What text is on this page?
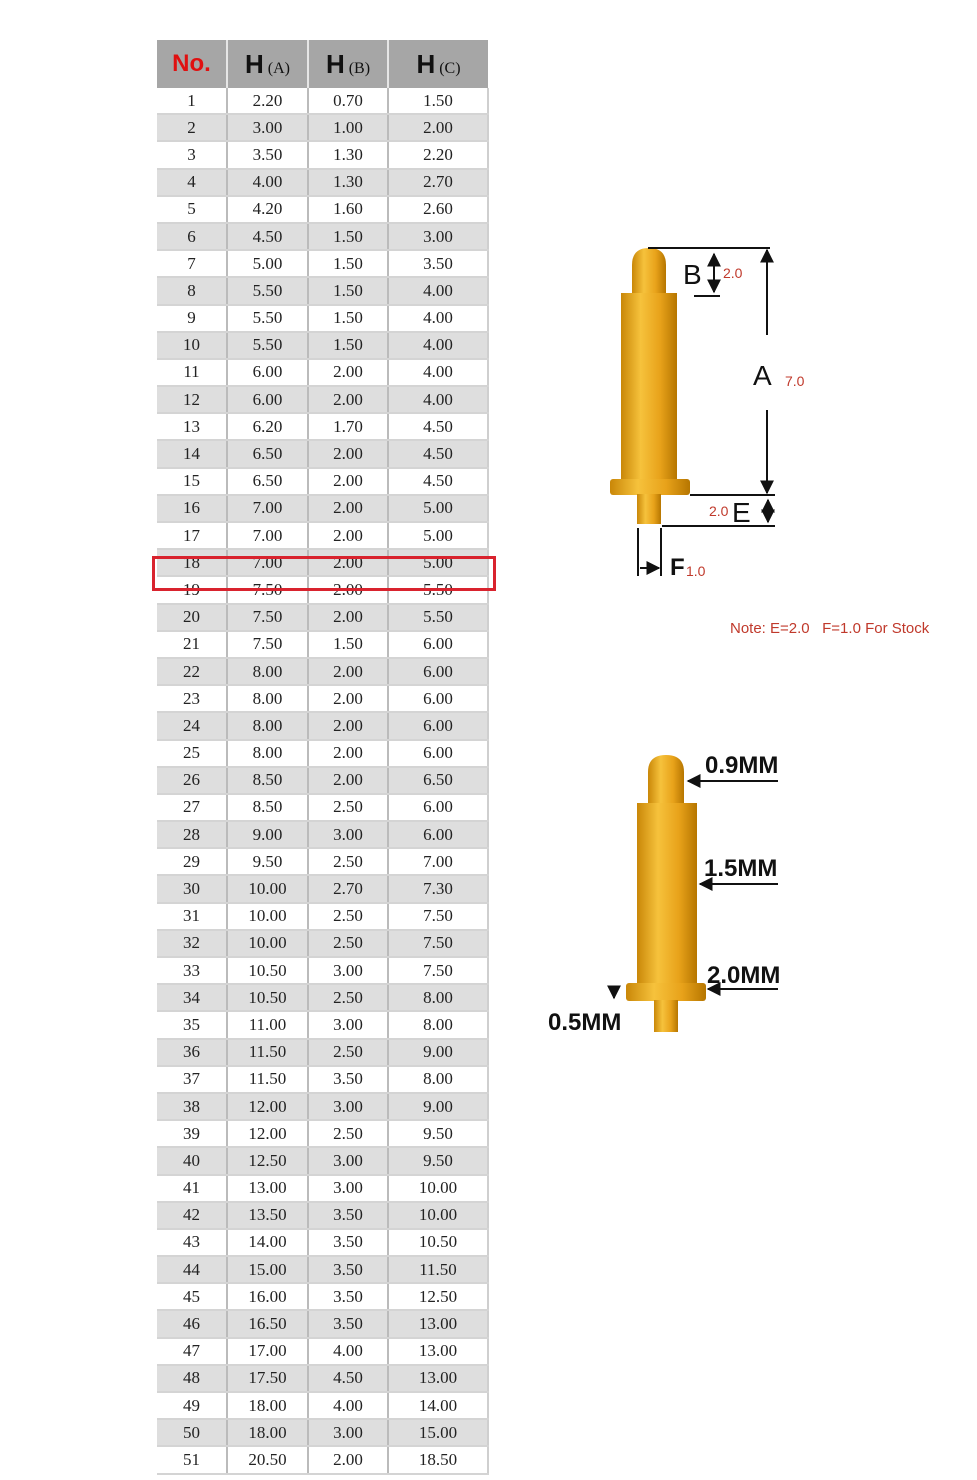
No.	H (A)	H (B)	H (C)
1	2.20	0.70	1.50
2	3.00	1.00	2.00
3	3.50	1.30	2.20
4	4.00	1.30	2.70
5	4.20	1.60	2.60
6	4.50	1.50	3.00
7	5.00	1.50	3.50
8	5.50	1.50	4.00
9	5.50	1.50	4.00
10	5.50	1.50	4.00
11	6.00	2.00	4.00
12	6.00	2.00	4.00
13	6.20	1.70	4.50
14	6.50	2.00	4.50
15	6.50	2.00	4.50
16	7.00	2.00	5.00
17	7.00	2.00	5.00
18	7.00	2.00	5.00
19	7.50	2.00	5.50
20	7.50	2.00	5.50
21	7.50	1.50	6.00
22	8.00	2.00	6.00
23	8.00	2.00	6.00
24	8.00	2.00	6.00
25	8.00	2.00	6.00
26	8.50	2.00	6.50
27	8.50	2.50	6.00
28	9.00	3.00	6.00
29	9.50	2.50	7.00
30	10.00	2.70	7.30
31	10.00	2.50	7.50
32	10.00	2.50	7.50
33	10.50	3.00	7.50
34	10.50	2.50	8.00
35	11.00	3.00	8.00
36	11.50	2.50	9.00
37	11.50	3.50	8.00
38	12.00	3.00	9.00
39	12.00	2.50	9.50
40	12.50	3.00	9.50
41	13.00	3.00	10.00
42	13.50	3.50	10.00
43	14.00	3.50	10.50
44	15.00	3.50	11.50
45	16.00	3.50	12.50
46	16.50	3.50	13.00
47	17.00	4.00	13.00
48	17.50	4.50	13.00
49	18.00	4.00	14.00
50	18.00	3.00	15.00
51	20.50	2.00	18.50
B 2.0
A 7.0
2.0 E
F 1.0
Note: E=2.0   F=1.0 For Stock
0.9MM
1.5MM
2.0MM
0.5MM
